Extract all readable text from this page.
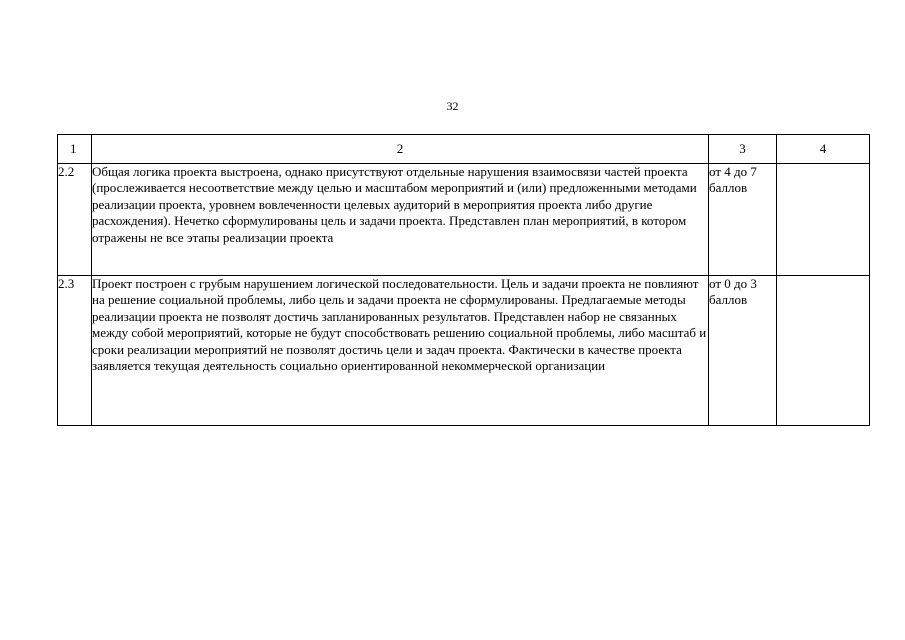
32
1	2	3	4
2.2	Общая логика проекта выстроена, однако присутствуют отдельные нарушения взаимосвязи частей проекта (прослеживается несоответствие между целью и масштабом мероприятий и (или) предложенными методами реализации проекта, уровнем вовлеченности целевых аудиторий в мероприятия проекта либо другие расхождения). Нечетко сформулированы цель и задачи проекта. Представлен план мероприятий, в котором отражены не все этапы реализации проекта	от 4 до 7 баллов	
2.3	Проект построен с грубым нарушением логической последовательности. Цель и задачи проекта не повлияют на решение социальной проблемы, либо цель и задачи проекта не сформулированы. Предлагаемые методы реализации проекта не позволят достичь запланированных результатов. Представлен набор не связанных между собой мероприятий, которые не будут способствовать решению социальной проблемы, либо масштаб и сроки реализации мероприятий не позволят достичь цели и задач проекта. Фактически в качестве проекта заявляется текущая деятельность социально ориентированной некоммерческой организации	от 0 до 3 баллов	
